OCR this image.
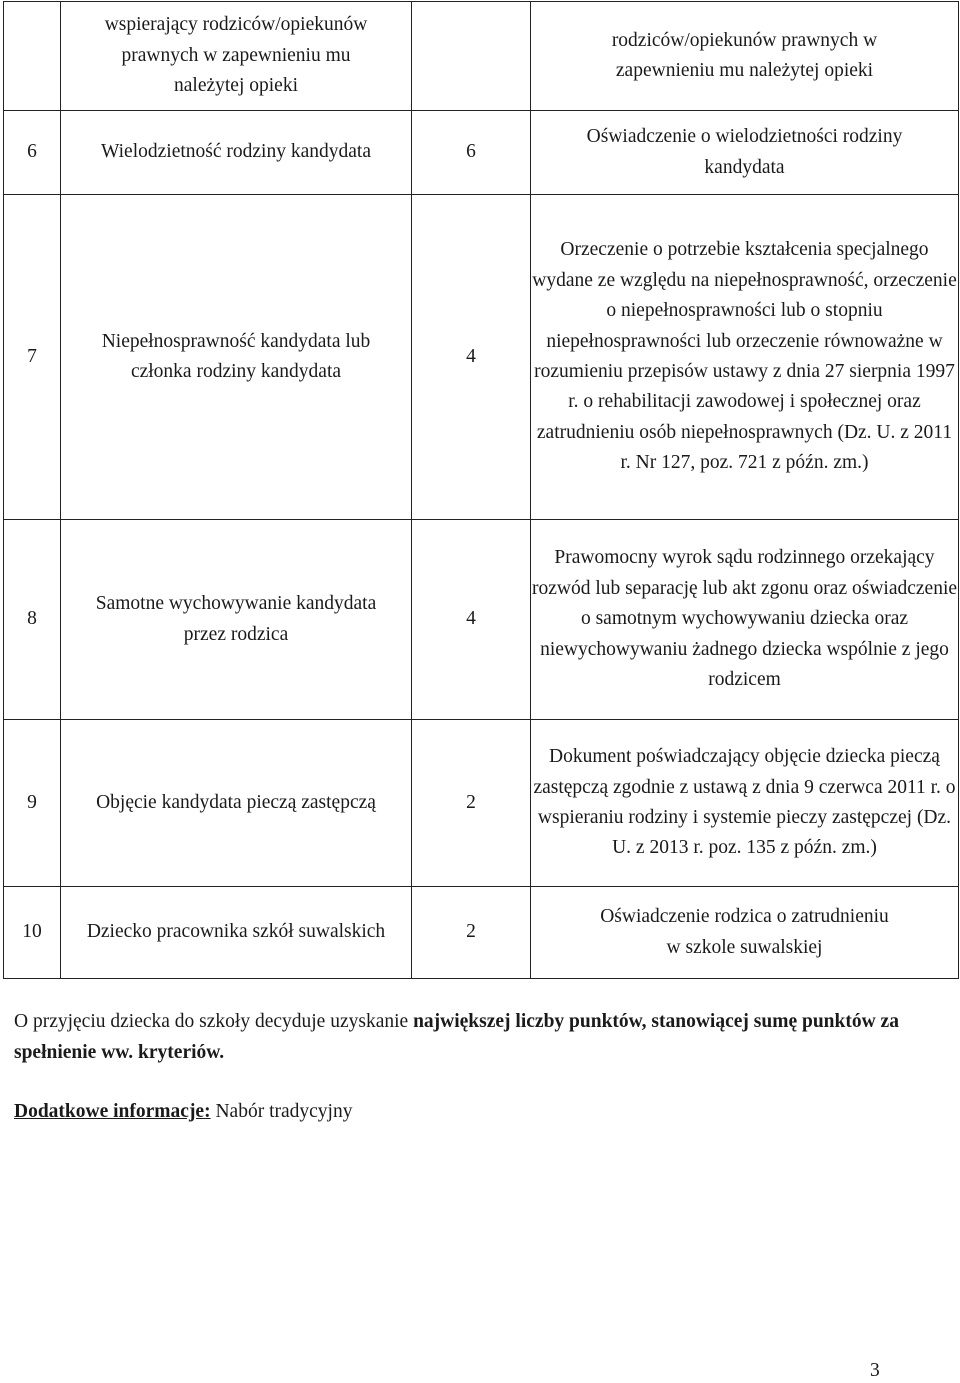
	wspierający rodziców/opiekunów prawnych w zapewnieniu mu należytej opieki		rodziców/opiekunów prawnych w zapewnieniu mu należytej opieki
6	Wielodzietność rodziny kandydata	6	Oświadczenie o wielodzietności rodziny kandydata
7	Niepełnosprawność kandydata lub członka rodziny kandydata	4	Orzeczenie o potrzebie kształcenia specjalnego wydane ze względu na niepełnosprawność, orzeczenie o niepełnosprawności lub o stopniu niepełnosprawności lub orzeczenie równoważne w rozumieniu przepisów ustawy z dnia 27 sierpnia 1997 r. o rehabilitacji zawodowej i społecznej oraz zatrudnieniu osób niepełnosprawnych (Dz. U. z 2011 r. Nr 127, poz. 721 z późn. zm.)
8	Samotne wychowywanie kandydata przez rodzica	4	Prawomocny wyrok sądu rodzinnego orzekający rozwód lub separację lub akt zgonu oraz oświadczenie o samotnym wychowywaniu dziecka oraz niewychowywaniu żadnego dziecka wspólnie z jego rodzicem
9	Objęcie kandydata pieczą zastępczą	2	Dokument poświadczający objęcie dziecka pieczą zastępczą zgodnie z ustawą z dnia 9 czerwca 2011 r. o wspieraniu rodziny i systemie pieczy zastępczej (Dz. U. z 2013 r. poz. 135 z późn. zm.)
10	Dziecko pracownika szkół suwalskich	2	Oświadczenie rodzica o zatrudnieniu w szkole suwalskiej

O przyjęciu dziecka do szkoły decyduje uzyskanie największej liczby punktów, stanowiącej sumę punktów za spełnienie ww. kryteriów.

Dodatkowe informacje: Nabór tradycyjny

3
